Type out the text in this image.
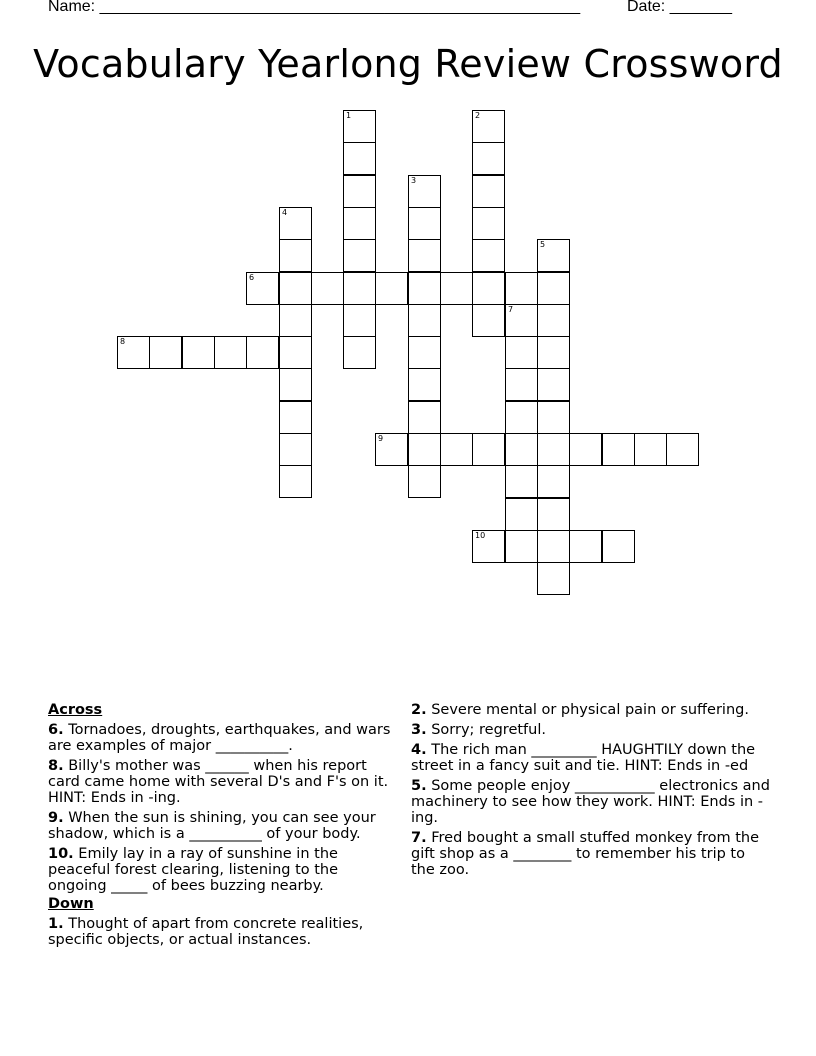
Name: ______________________________________________________	Date: _______
Vocabulary Yearlong Review Crossword
1	2
3
4
5
6
7
8
9
10
Across
6. Tornadoes, droughts, earthquakes, and wars are examples of major __________.
8. Billy's mother was ______ when his report card came home with several D's and F's on it. HINT: Ends in -ing.
9. When the sun is shining, you can see your shadow, which is a __________ of your body.
10. Emily lay in a ray of sunshine in the peaceful forest clearing, listening to the ongoing _____ of bees buzzing nearby.
Down
1. Thought of apart from concrete realities, specific objects, or actual instances.
2. Severe mental or physical pain or suffering.
3. Sorry; regretful.
4. The rich man _________ HAUGHTILY down the street in a fancy suit and tie. HINT: Ends in -ed
5. Some people enjoy ___________ electronics and machinery to see how they work. HINT: Ends in -ing.
7. Fred bought a small stuffed monkey from the gift shop as a ________ to remember his trip to the zoo.
